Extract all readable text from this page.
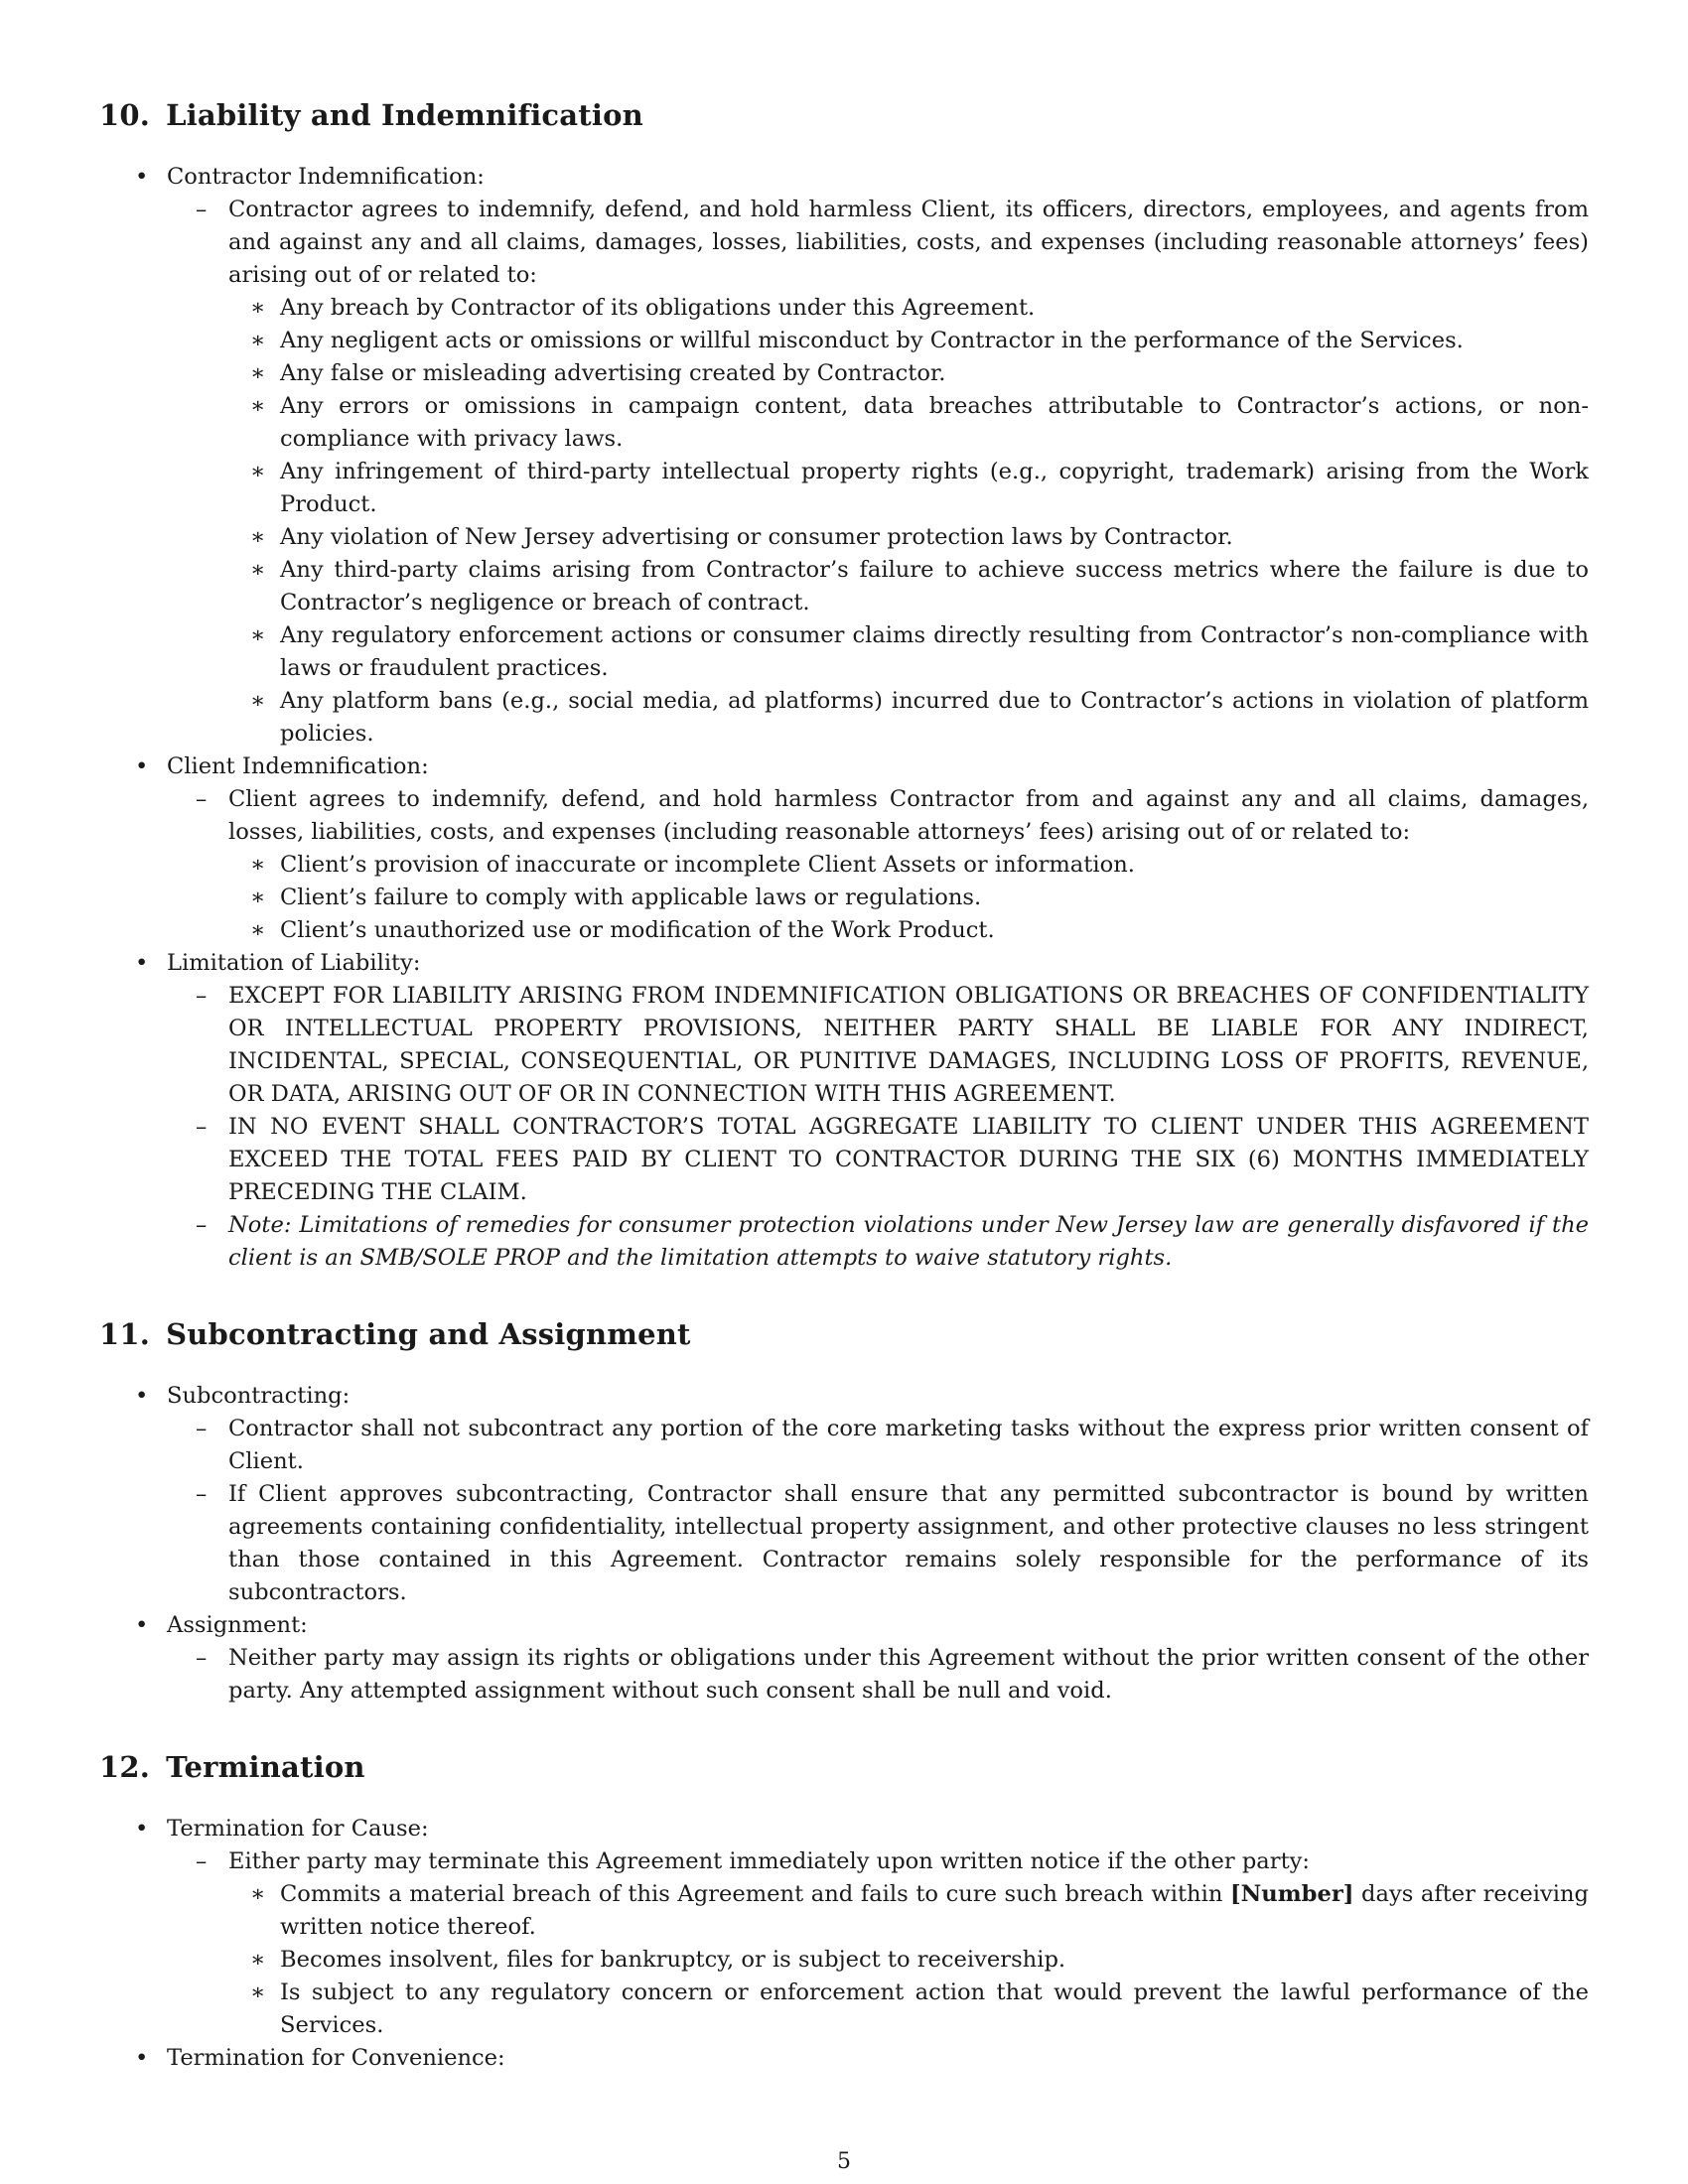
10. Liability and Indemnification
• Contractor Indemnification:
– Contractor agrees to indemnify, defend, and hold harmless Client, its officers, directors, employees, and agents from and against any and all claims, damages, losses, liabilities, costs, and expenses (including reasonable attorneys’ fees) arising out of or related to:
∗ Any breach by Contractor of its obligations under this Agreement.
∗ Any negligent acts or omissions or willful misconduct by Contractor in the performance of the Services.
∗ Any false or misleading advertising created by Contractor.
∗ Any errors or omissions in campaign content, data breaches attributable to Contractor’s actions, or non-compliance with privacy laws.
∗ Any infringement of third-party intellectual property rights (e.g., copyright, trademark) arising from the Work Product.
∗ Any violation of New Jersey advertising or consumer protection laws by Contractor.
∗ Any third-party claims arising from Contractor’s failure to achieve success metrics where the failure is due to Contractor’s negligence or breach of contract.
∗ Any regulatory enforcement actions or consumer claims directly resulting from Contractor’s non-compliance with laws or fraudulent practices.
∗ Any platform bans (e.g., social media, ad platforms) incurred due to Contractor’s actions in violation of platform policies.
• Client Indemnification:
– Client agrees to indemnify, defend, and hold harmless Contractor from and against any and all claims, damages, losses, liabilities, costs, and expenses (including reasonable attorneys’ fees) arising out of or related to:
∗ Client’s provision of inaccurate or incomplete Client Assets or information.
∗ Client’s failure to comply with applicable laws or regulations.
∗ Client’s unauthorized use or modification of the Work Product.
• Limitation of Liability:
– EXCEPT FOR LIABILITY ARISING FROM INDEMNIFICATION OBLIGATIONS OR BREACHES OF CONFIDENTIALITY OR INTELLECTUAL PROPERTY PROVISIONS, NEITHER PARTY SHALL BE LIABLE FOR ANY INDIRECT, INCIDENTAL, SPECIAL, CONSEQUENTIAL, OR PUNITIVE DAMAGES, INCLUDING LOSS OF PROFITS, REVENUE, OR DATA, ARISING OUT OF OR IN CONNECTION WITH THIS AGREEMENT.
– IN NO EVENT SHALL CONTRACTOR’S TOTAL AGGREGATE LIABILITY TO CLIENT UNDER THIS AGREEMENT EXCEED THE TOTAL FEES PAID BY CLIENT TO CONTRACTOR DURING THE SIX (6) MONTHS IMMEDIATELY PRECEDING THE CLAIM.
– Note: Limitations of remedies for consumer protection violations under New Jersey law are generally disfavored if the client is an SMB/SOLE PROP and the limitation attempts to waive statutory rights.
11. Subcontracting and Assignment
• Subcontracting:
– Contractor shall not subcontract any portion of the core marketing tasks without the express prior written consent of Client.
– If Client approves subcontracting, Contractor shall ensure that any permitted subcontractor is bound by written agreements containing confidentiality, intellectual property assignment, and other protective clauses no less stringent than those contained in this Agreement. Contractor remains solely responsible for the performance of its subcontractors.
• Assignment:
– Neither party may assign its rights or obligations under this Agreement without the prior written consent of the other party. Any attempted assignment without such consent shall be null and void.
12. Termination
• Termination for Cause:
– Either party may terminate this Agreement immediately upon written notice if the other party:
∗ Commits a material breach of this Agreement and fails to cure such breach within [Number] days after receiving written notice thereof.
∗ Becomes insolvent, files for bankruptcy, or is subject to receivership.
∗ Is subject to any regulatory concern or enforcement action that would prevent the lawful performance of the Services.
• Termination for Convenience:
5
